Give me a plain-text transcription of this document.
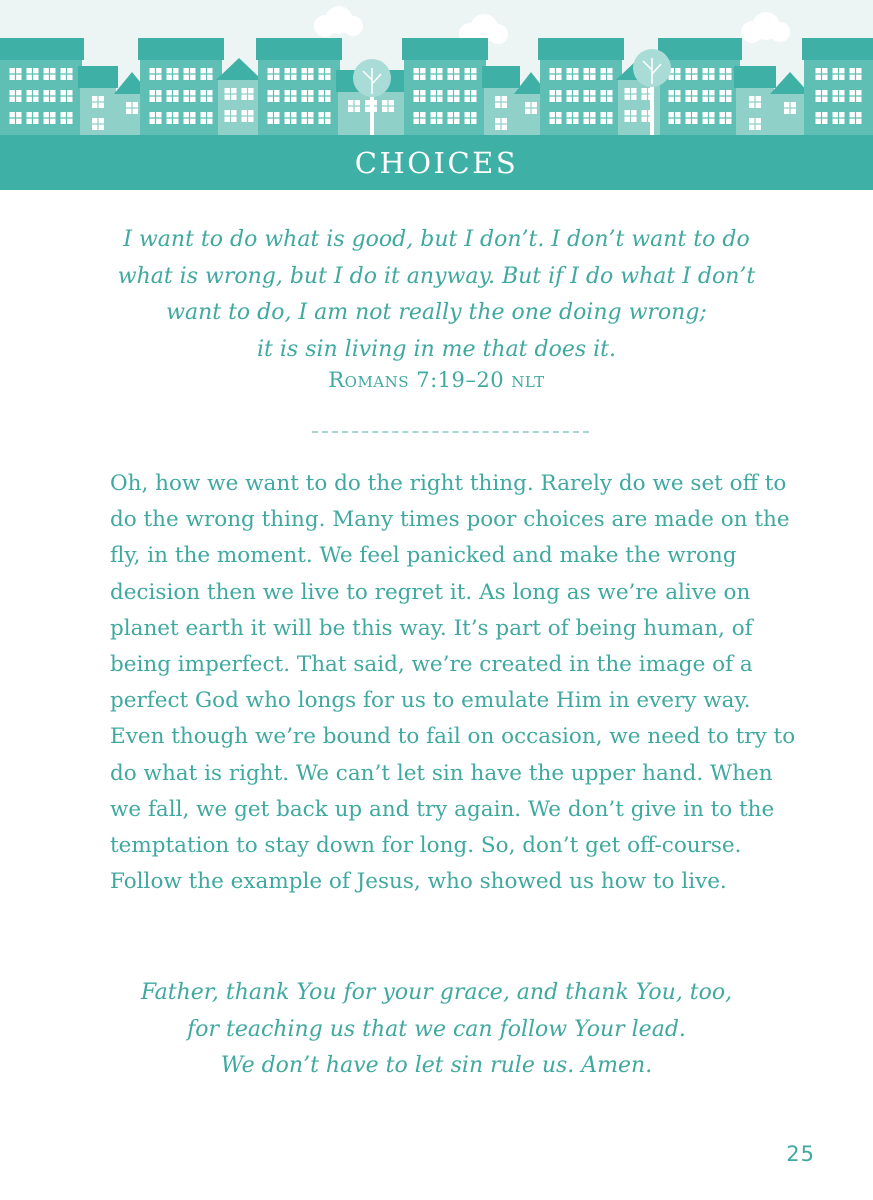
CHOICES
I want to do what is good, but I don’t. I don’t want to do
what is wrong, but I do it anyway. But if I do what I don’t
want to do, I am not really the one doing wrong;
it is sin living in me that does it.
Romans 7:19–20 nlt

Oh, how we want to do the right thing. Rarely do we set off to do the wrong thing. Many times poor choices are made on the fly, in the moment. We feel panicked and make the wrong decision then we live to regret it. As long as we’re alive on planet earth it will be this way. It’s part of being human, of being imperfect. That said, we’re created in the image of a perfect God who longs for us to emulate Him in every way. Even though we’re bound to fail on occasion, we need to try to do what is right. We can’t let sin have the upper hand. When we fall, we get back up and try again. We don’t give in to the temptation to stay down for long. So, don’t get off-course. Follow the example of Jesus, who showed us how to live.

Father, thank You for your grace, and thank You, too,
for teaching us that we can follow Your lead.
We don’t have to let sin rule us. Amen.
25
